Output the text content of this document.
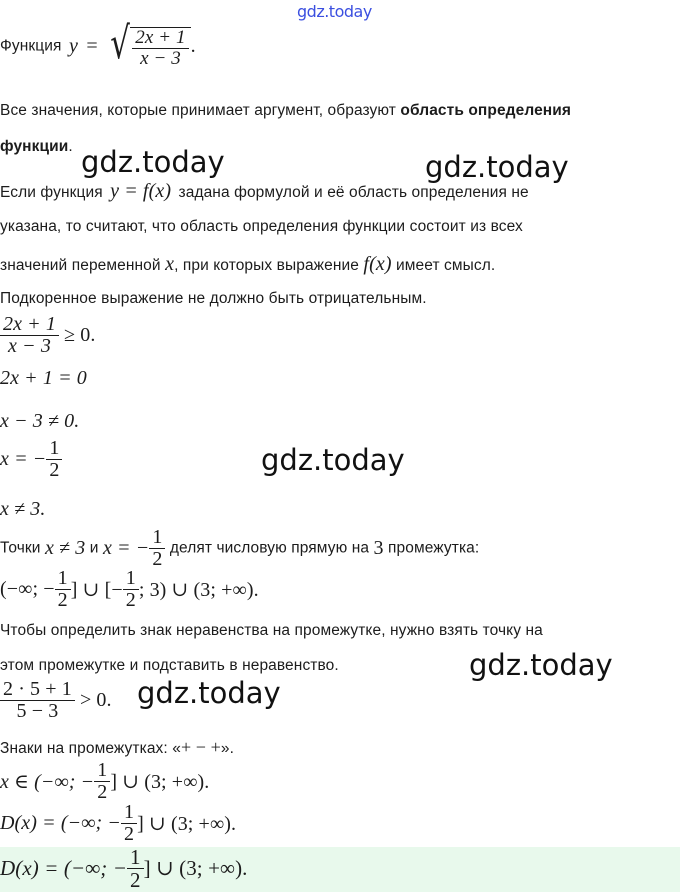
gdz.today
Функция y = √ $\frac{2x + 1}{x - 3}$ .
Все значения, которые принимает аргумент, образуют область определения
функции. gdz.today	gdz.today
Если функция y = f(x) задана формулой и её область определения не
указана, то считают, что область определения функции состоит из всех
значений переменной x, при которых выражение f(x) имеет смысл.
Подкоренное выражение не должно быть отрицательным.
$\frac{2x + 1}{x - 3} \ge 0$.
2x + 1 = 0
x − 3 ≠ 0.
x = − $\frac{1}{2}$	gdz.today
x ≠ 3.
Точки x ≠ 3 и x = − $\frac{1}{2}$ делят числовую прямую на 3 промежутка:
(−∞; − $\frac{1}{2}$ ] ∪ [− $\frac{1}{2}$ ; 3) ∪ (3; +∞).
Чтобы определить знак неравенства на промежутке, нужно взять точку на
этом промежутке и подставить в неравенство.	gdz.today
gdz.today
$\frac{2 \cdot 5 + 1}{5 - 3} > 0$.
Знаки на промежутках: «+ − +».
x ∈ (−∞; − $\frac{1}{2}$ ] ∪ (3; +∞).
D(x) = (−∞; − $\frac{1}{2}$ ] ∪ (3; +∞).
D(x) = (−∞; − $\frac{1}{2}$ ] ∪ (3; +∞).
